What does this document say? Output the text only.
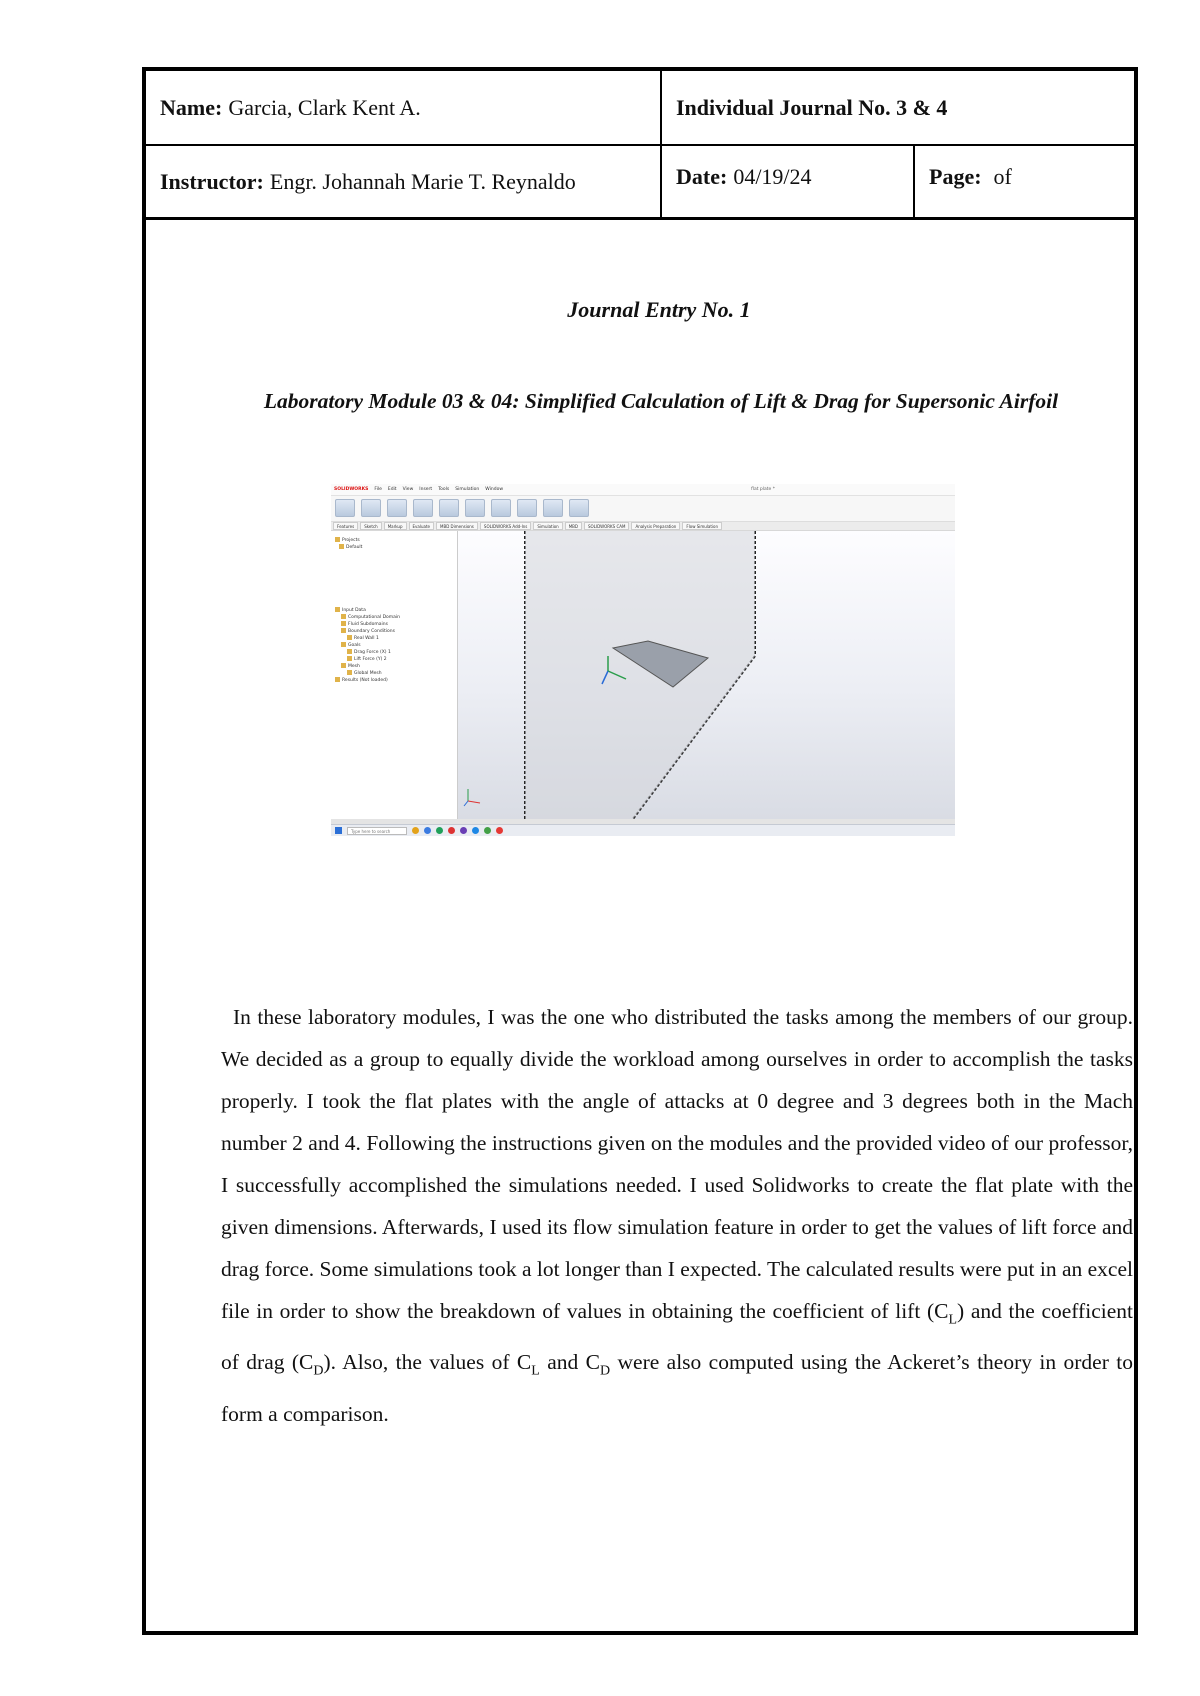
Name: Garcia, Clark Kent A.	Individual Journal No. 3 & 4
Instructor: Engr. Johannah Marie T. Reynaldo	Date: 04/19/24	Page: of
Journal Entry No. 1
Laboratory Module 03 & 04: Simplified Calculation of Lift & Drag for Supersonic Airfoil
In these laboratory modules, I was the one who distributed the tasks among the members of our group. We decided as a group to equally divide the workload among ourselves in order to accomplish the tasks properly. I took the flat plates with the angle of attacks at 0 degree and 3 degrees both in the Mach number 2 and 4. Following the instructions given on the modules and the provided video of our professor, I successfully accomplished the simulations needed. I used Solidworks to create the flat plate with the given dimensions. Afterwards, I used its flow simulation feature in order to get the values of lift force and drag force. Some simulations took a lot longer than I expected. The calculated results were put in an excel file in order to show the breakdown of values in obtaining the coefficient of lift $(C_L)$ and the coefficient of drag $(C_D)$. Also, the values of $C_L$ and $C_D$ were also computed using the Ackeret’s theory in order to form a comparison.
SOLIDWORKS File Edit View Insert Tools Simulation Window	flat plate *
Features	Sketch	Markup	Evaluate	MBD Dimensions	SOLIDWORKS Add-Ins	Simulation	MBD	SOLIDWORKS CAM	Analysis Preparation	Flow Simulation
Projects
Default
Input Data
Computational Domain
Fluid Subdomains
Boundary Conditions
Real Wall 1
Goals
Drag Force (X) 1
Lift Force (Y) 2
Mesh
Global Mesh
Results (Not loaded)
Type here to search
